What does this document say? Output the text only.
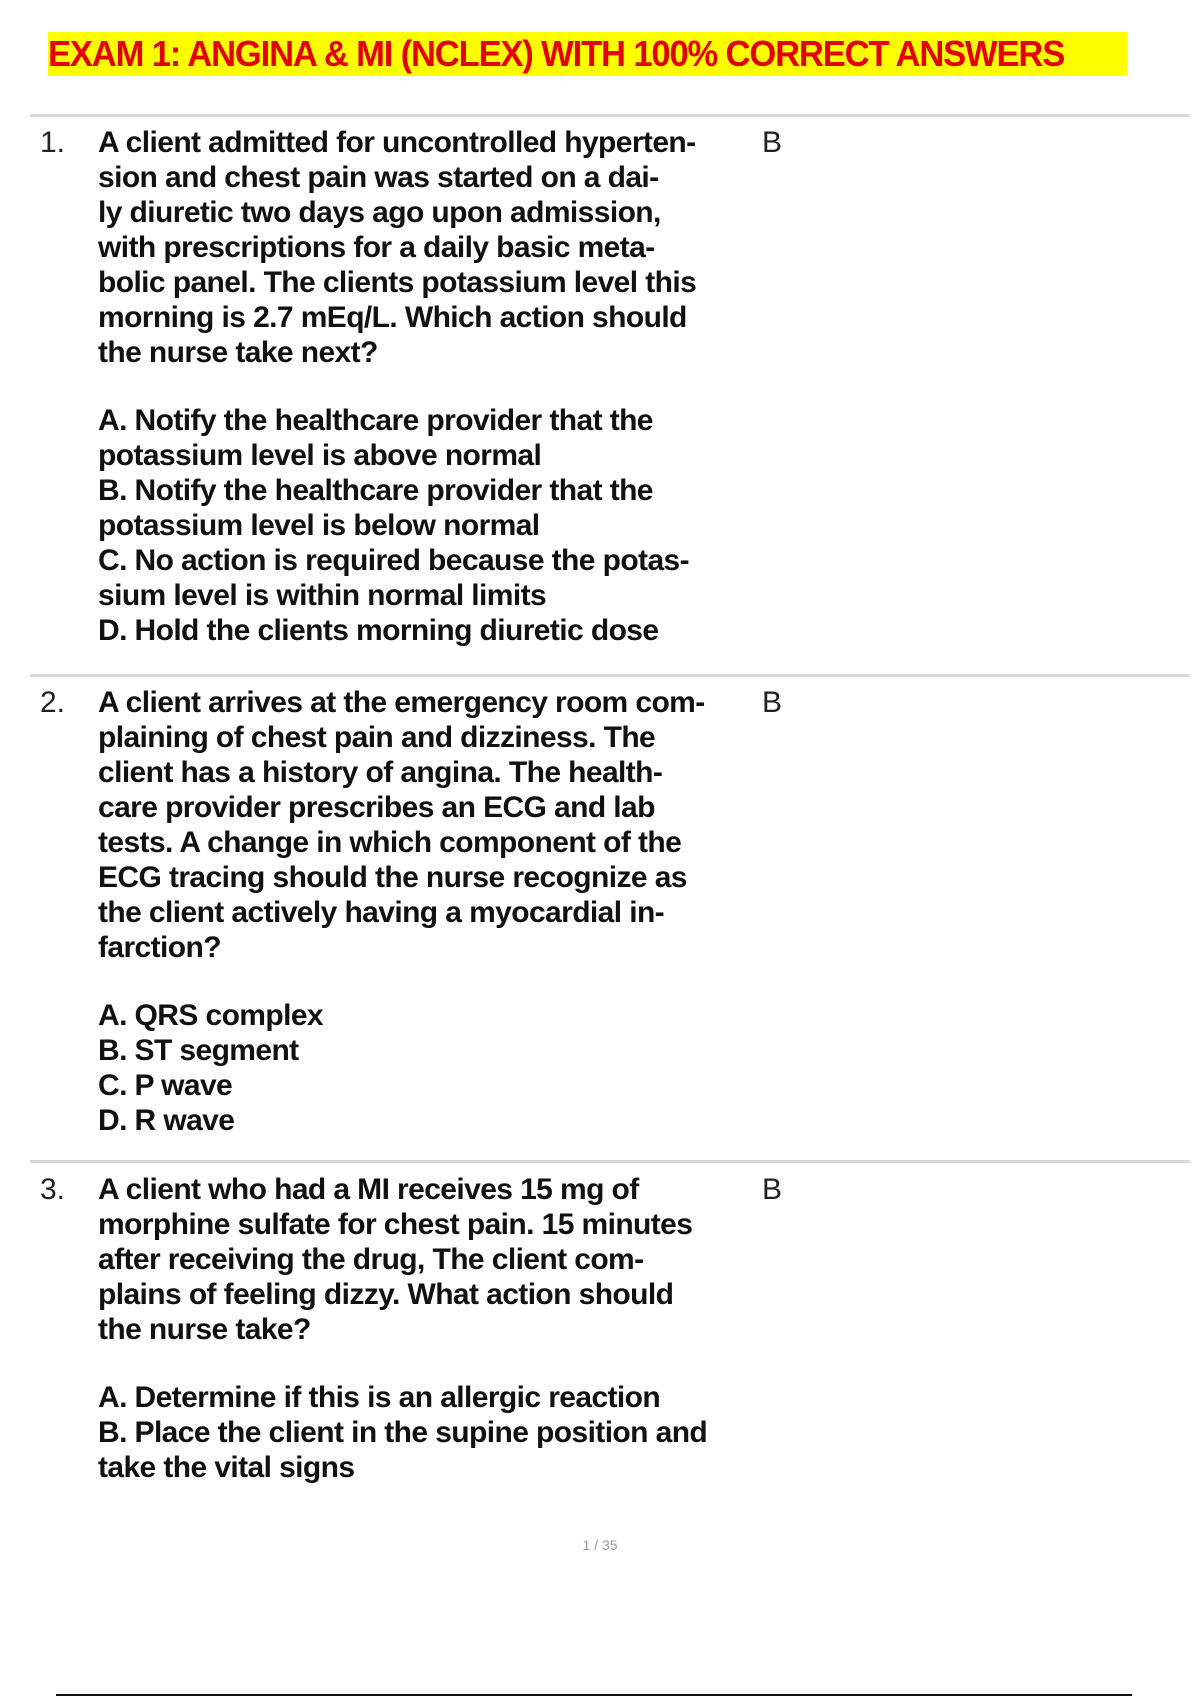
EXAM 1: ANGINA & MI (NCLEX) WITH 100% CORRECT ANSWERS
1.	B
A client admitted for uncontrolled hyperten-
sion and chest pain was started on a dai-
ly diuretic two days ago upon admission,
with prescriptions for a daily basic meta-
bolic panel. The clients potassium level this
morning is 2.7 mEq/L. Which action should
the nurse take next?
A. Notify the healthcare provider that the
potassium level is above normal
B. Notify the healthcare provider that the
potassium level is below normal
C. No action is required because the potas-
sium level is within normal limits
D. Hold the clients morning diuretic dose
2.	B
A client arrives at the emergency room com-
plaining of chest pain and dizziness. The
client has a history of angina. The health-
care provider prescribes an ECG and lab
tests. A change in which component of the
ECG tracing should the nurse recognize as
the client actively having a myocardial in-
farction?
A. QRS complex
B. ST segment
C. P wave
D. R wave
3.	B
A client who had a MI receives 15 mg of
morphine sulfate for chest pain. 15 minutes
after receiving the drug, The client com-
plains of feeling dizzy. What action should
the nurse take?
A. Determine if this is an allergic reaction
B. Place the client in the supine position and
take the vital signs
1 / 35
